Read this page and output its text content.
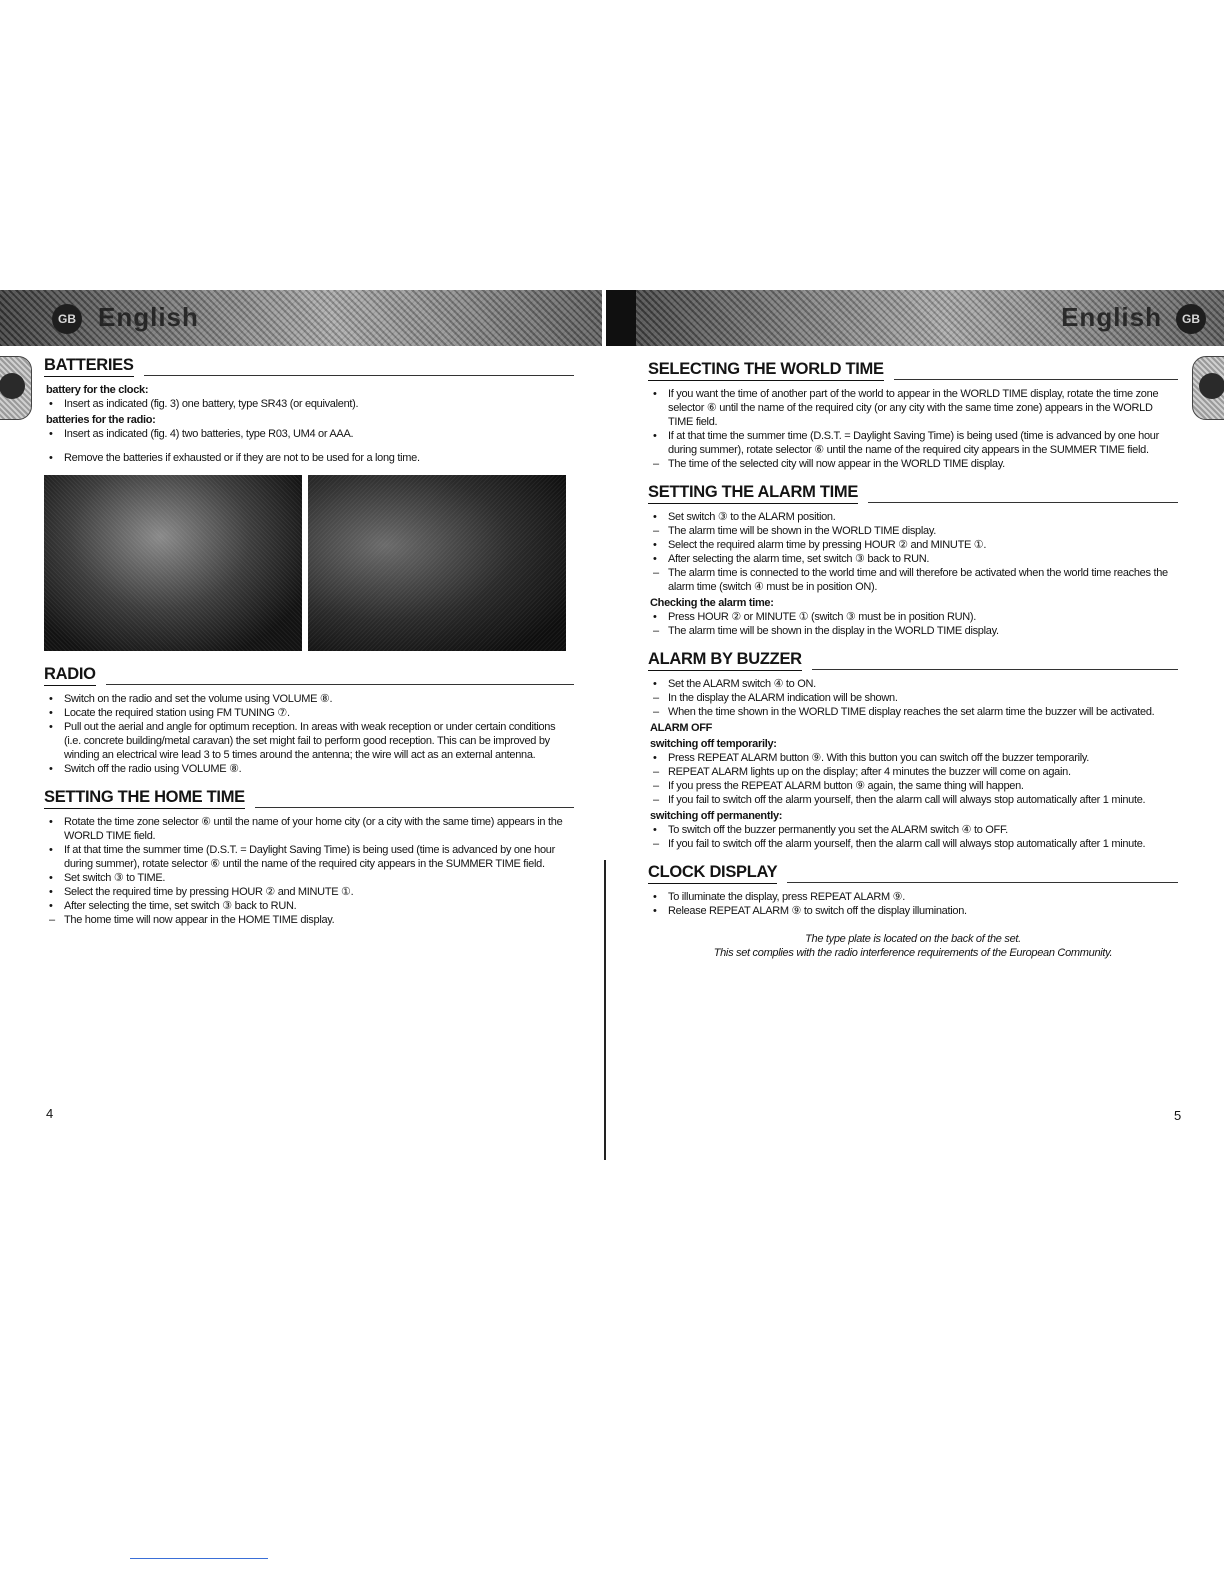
GB English
BATTERIES
battery for the clock:
•	Insert as indicated (fig. 3) one battery, type SR43 (or equivalent).
batteries for the radio:
•	Insert as indicated (fig. 4) two batteries, type R03, UM4 or AAA.
•	Remove the batteries if exhausted or if they are not to be used for a long time.
RADIO
•	Switch on the radio and set the volume using VOLUME ⑧.
•	Locate the required station using FM TUNING ⑦.
•	Pull out the aerial and angle for optimum reception. In areas with weak reception or under certain conditions (i.e. concrete building/metal caravan) the set might fail to perform good reception. This can be improved by winding an electrical wire lead 3 to 5 times around the antenna; the wire will act as an external antenna.
•	Switch off the radio using VOLUME ⑧.
SETTING THE HOME TIME
•	Rotate the time zone selector ⑥ until the name of your home city (or a city with the same time) appears in the WORLD TIME field.
•	If at that time the summer time (D.S.T. = Daylight Saving Time) is being used (time is advanced by one hour during summer), rotate selector ⑥ until the name of the required city appears in the SUMMER TIME field.
•	Set switch ③ to TIME.
•	Select the required time by pressing HOUR ② and MINUTE ①.
•	After selecting the time, set switch ③ back to RUN.
– The home time will now appear in the HOME TIME display.
4
English	GB
SELECTING THE WORLD TIME
•	If you want the time of another part of the world to appear in the WORLD TIME display, rotate the time zone selector ⑥ until the name of the required city (or any city with the same time zone) appears in the WORLD TIME field.
•	If at that time the summer time (D.S.T. = Daylight Saving Time) is being used (time is advanced by one hour during summer), rotate selector ⑥ until the name of the required city appears in the SUMMER TIME field.
– The time of the selected city will now appear in the WORLD TIME display.
SETTING THE ALARM TIME
•	Set switch ③ to the ALARM position.
– The alarm time will be shown in the WORLD TIME display.
•	Select the required alarm time by pressing HOUR ② and MINUTE ①.
•	After selecting the alarm time, set switch ③ back to RUN.
– The alarm time is connected to the world time and will therefore be activated when the world time reaches the alarm time (switch ④ must be in position ON).
Checking the alarm time:
•	Press HOUR ② or MINUTE ① (switch ③ must be in position RUN).
– The alarm time will be shown in the display in the WORLD TIME display.
ALARM BY BUZZER
•	Set the ALARM switch ④ to ON.
– In the display the ALARM indication will be shown.
– When the time shown in the WORLD TIME display reaches the set alarm time the buzzer will be activated.
ALARM OFF
switching off temporarily:
•	Press REPEAT ALARM button ⑨. With this button you can switch off the buzzer temporarily.
– REPEAT ALARM lights up on the display; after 4 minutes the buzzer will come on again.
– If you press the REPEAT ALARM button ⑨ again, the same thing will happen.
– If you fail to switch off the alarm yourself, then the alarm call will always stop automatically after 1 minute.
switching off permanently:
•	To switch off the buzzer permanently you set the ALARM switch ④ to OFF.
– If you fail to switch off the alarm yourself, then the alarm call will always stop automatically after 1 minute.
CLOCK DISPLAY
•	To illuminate the display, press REPEAT ALARM ⑨.
•	Release REPEAT ALARM ⑨ to switch off the display illumination.
The type plate is located on the back of the set.
This set complies with the radio interference requirements of the European Community.
5
